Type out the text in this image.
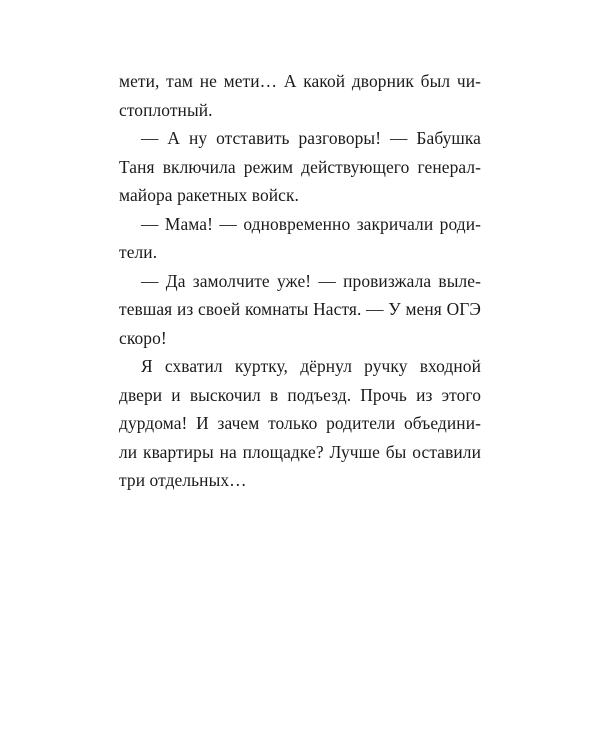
мети, там не мети… А какой дворник был чи-
стоплотный.
— А ну отставить разговоры! — Бабушка
Таня включила режим действующего генерал-
майора ракетных войск.
— Мама! — одновременно закричали роди-
тели.
— Да замолчите уже! — провизжала выле-
тевшая из своей комнаты Настя. — У меня ОГЭ
скоро!
Я схватил куртку, дёрнул ручку входной
двери и выскочил в подъезд. Прочь из этого
дурдома! И зачем только родители объедини-
ли квартиры на площадке? Лучше бы оставили
три отдельных…
